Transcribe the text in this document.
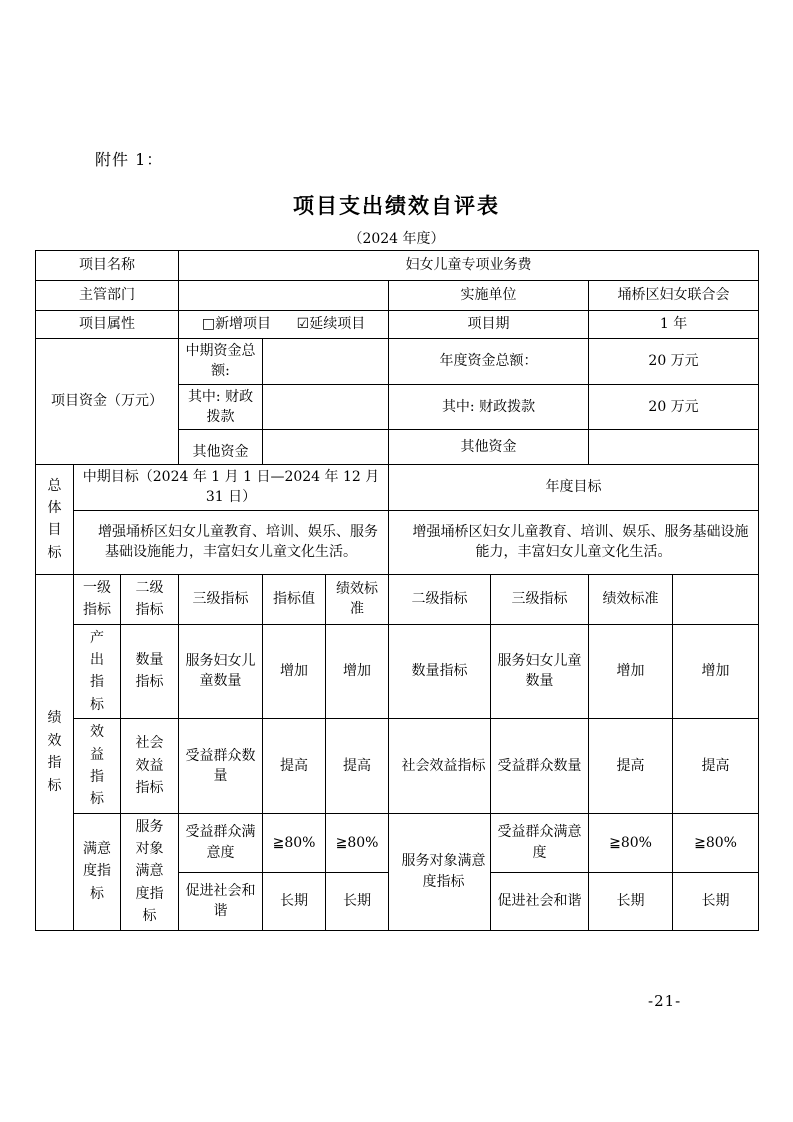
附件 1：
项目支出绩效自评表
（2024 年度）
项目名称			妇女儿童专项业务费						
主管部门						实施单位		埇桥区妇女联合会	
项目属性			□新增项目 ☑延续项目			项目期		1 年	
项目资金（万元）			中期资金总额:			年度资金总额：		20 万元	
			其中: 财政拨款			其中: 财政拨款		20 万元	
			其他资金			其他资金			
总体目标	中期目标（2024 年 1 月 1 日—2024 年 12 月 31 日）					年度目标			
	增强埇桥区妇女儿童教育、培训、娱乐、服务基础设施能力，丰富妇女儿童文化生活。					增强埇桥区妇女儿童教育、培训、娱乐、服务基础设施能力，丰富妇女儿童文化生活。			
绩效指标	一级指标	二级指标	三级指标	指标值	绩效标准	二级指标	三级指标	绩效标准	
	产出指标	数量指标	服务妇女儿童数量	增加	增加	数量指标	服务妇女儿童数量	增加	增加
	效益指标	社会效益指标	受益群众数量	提高	提高	社会效益指标	受益群众数量	提高	提高
	满意度指标	服务对象满意度指标	受益群众满意度	≧80%	≧80%	服务对象满意度指标	受益群众满意度	≧80%	≧80%
			促进社会和谐	长期	长期		促进社会和谐	长期	长期
-21-
